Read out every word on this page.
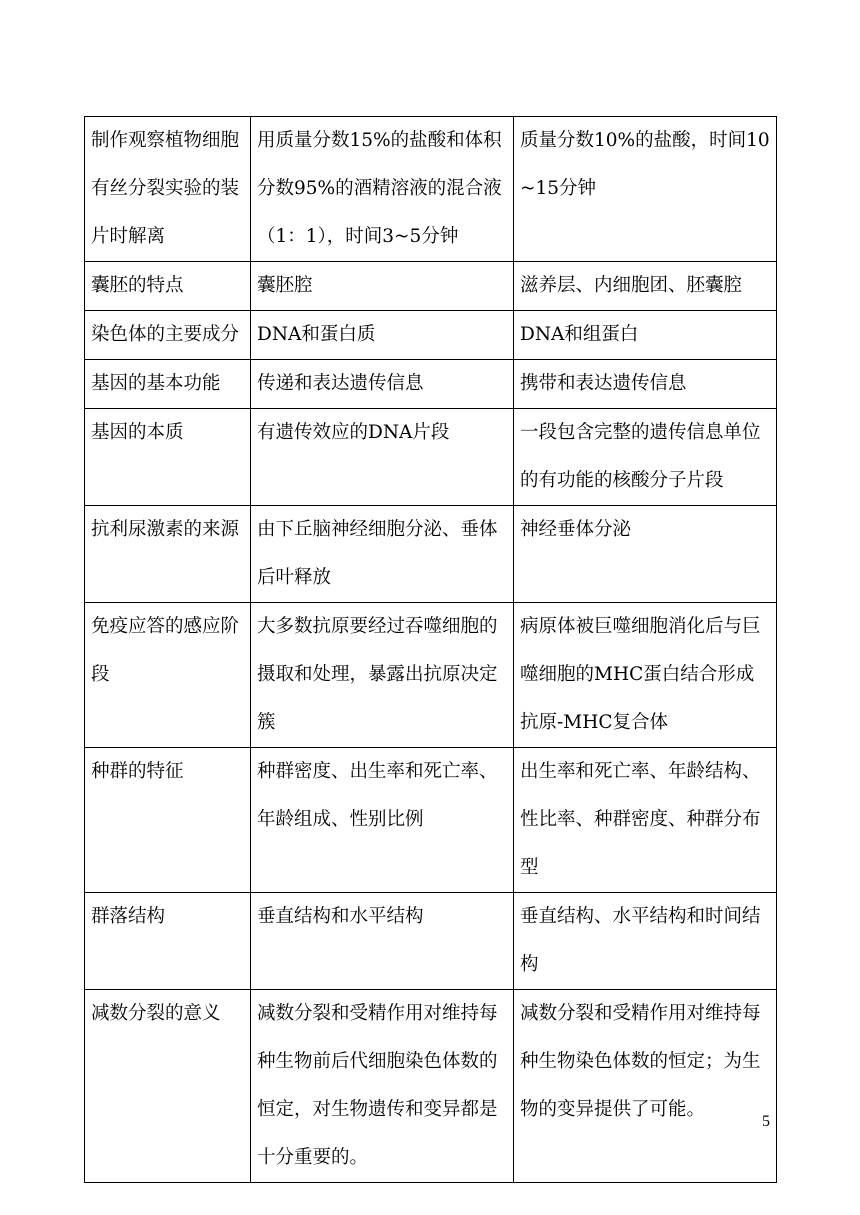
制作观察植物细胞有丝分裂实验的装片时解离	用质量分数15%的盐酸和体积分数95%的酒精溶液的混合液（1：1），时间3~5分钟	质量分数10%的盐酸，时间10~15分钟
囊胚的特点	囊胚腔	滋养层、内细胞团、胚囊腔
染色体的主要成分	DNA和蛋白质	DNA和组蛋白
基因的基本功能	传递和表达遗传信息	携带和表达遗传信息
基因的本质	有遗传效应的DNA片段	一段包含完整的遗传信息单位的有功能的核酸分子片段
抗利尿激素的来源	由下丘脑神经细胞分泌、垂体后叶释放	神经垂体分泌
免疫应答的感应阶段	大多数抗原要经过吞噬细胞的摄取和处理，暴露出抗原决定簇	病原体被巨噬细胞消化后与巨噬细胞的MHC蛋白结合形成抗原-MHC复合体
种群的特征	种群密度、出生率和死亡率、年龄组成、性别比例	出生率和死亡率、年龄结构、性比率、种群密度、种群分布型
群落结构	垂直结构和水平结构	垂直结构、水平结构和时间结构
减数分裂的意义	减数分裂和受精作用对维持每种生物前后代细胞染色体数的恒定，对生物遗传和变异都是十分重要的。	减数分裂和受精作用对维持每种生物染色体数的恒定；为生物的变异提供了可能。
5
